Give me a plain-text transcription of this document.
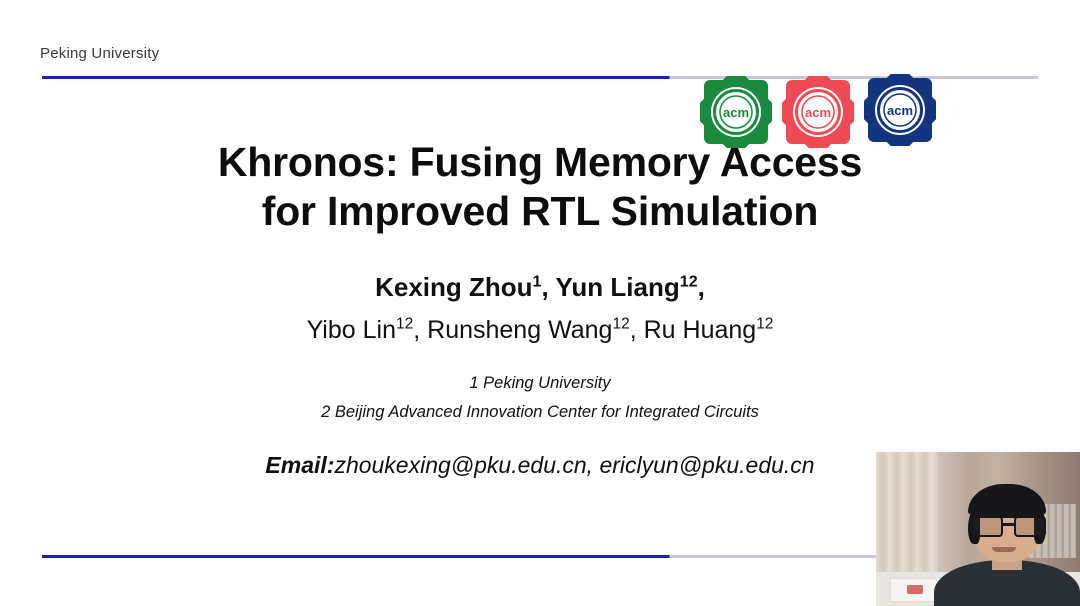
Peking University
acm	acm	acm
Khronos: Fusing Memory Access
for Improved RTL Simulation
Kexing Zhou$^1$, Yun Liang$^{12}$,
Yibo Lin$^{12}$, Runsheng Wang$^{12}$, Ru Huang$^{12}$
1 Peking University
2 Beijing Advanced Innovation Center for Integrated Circuits
Email:zhoukexing@pku.edu.cn, ericlyun@pku.edu.cn
